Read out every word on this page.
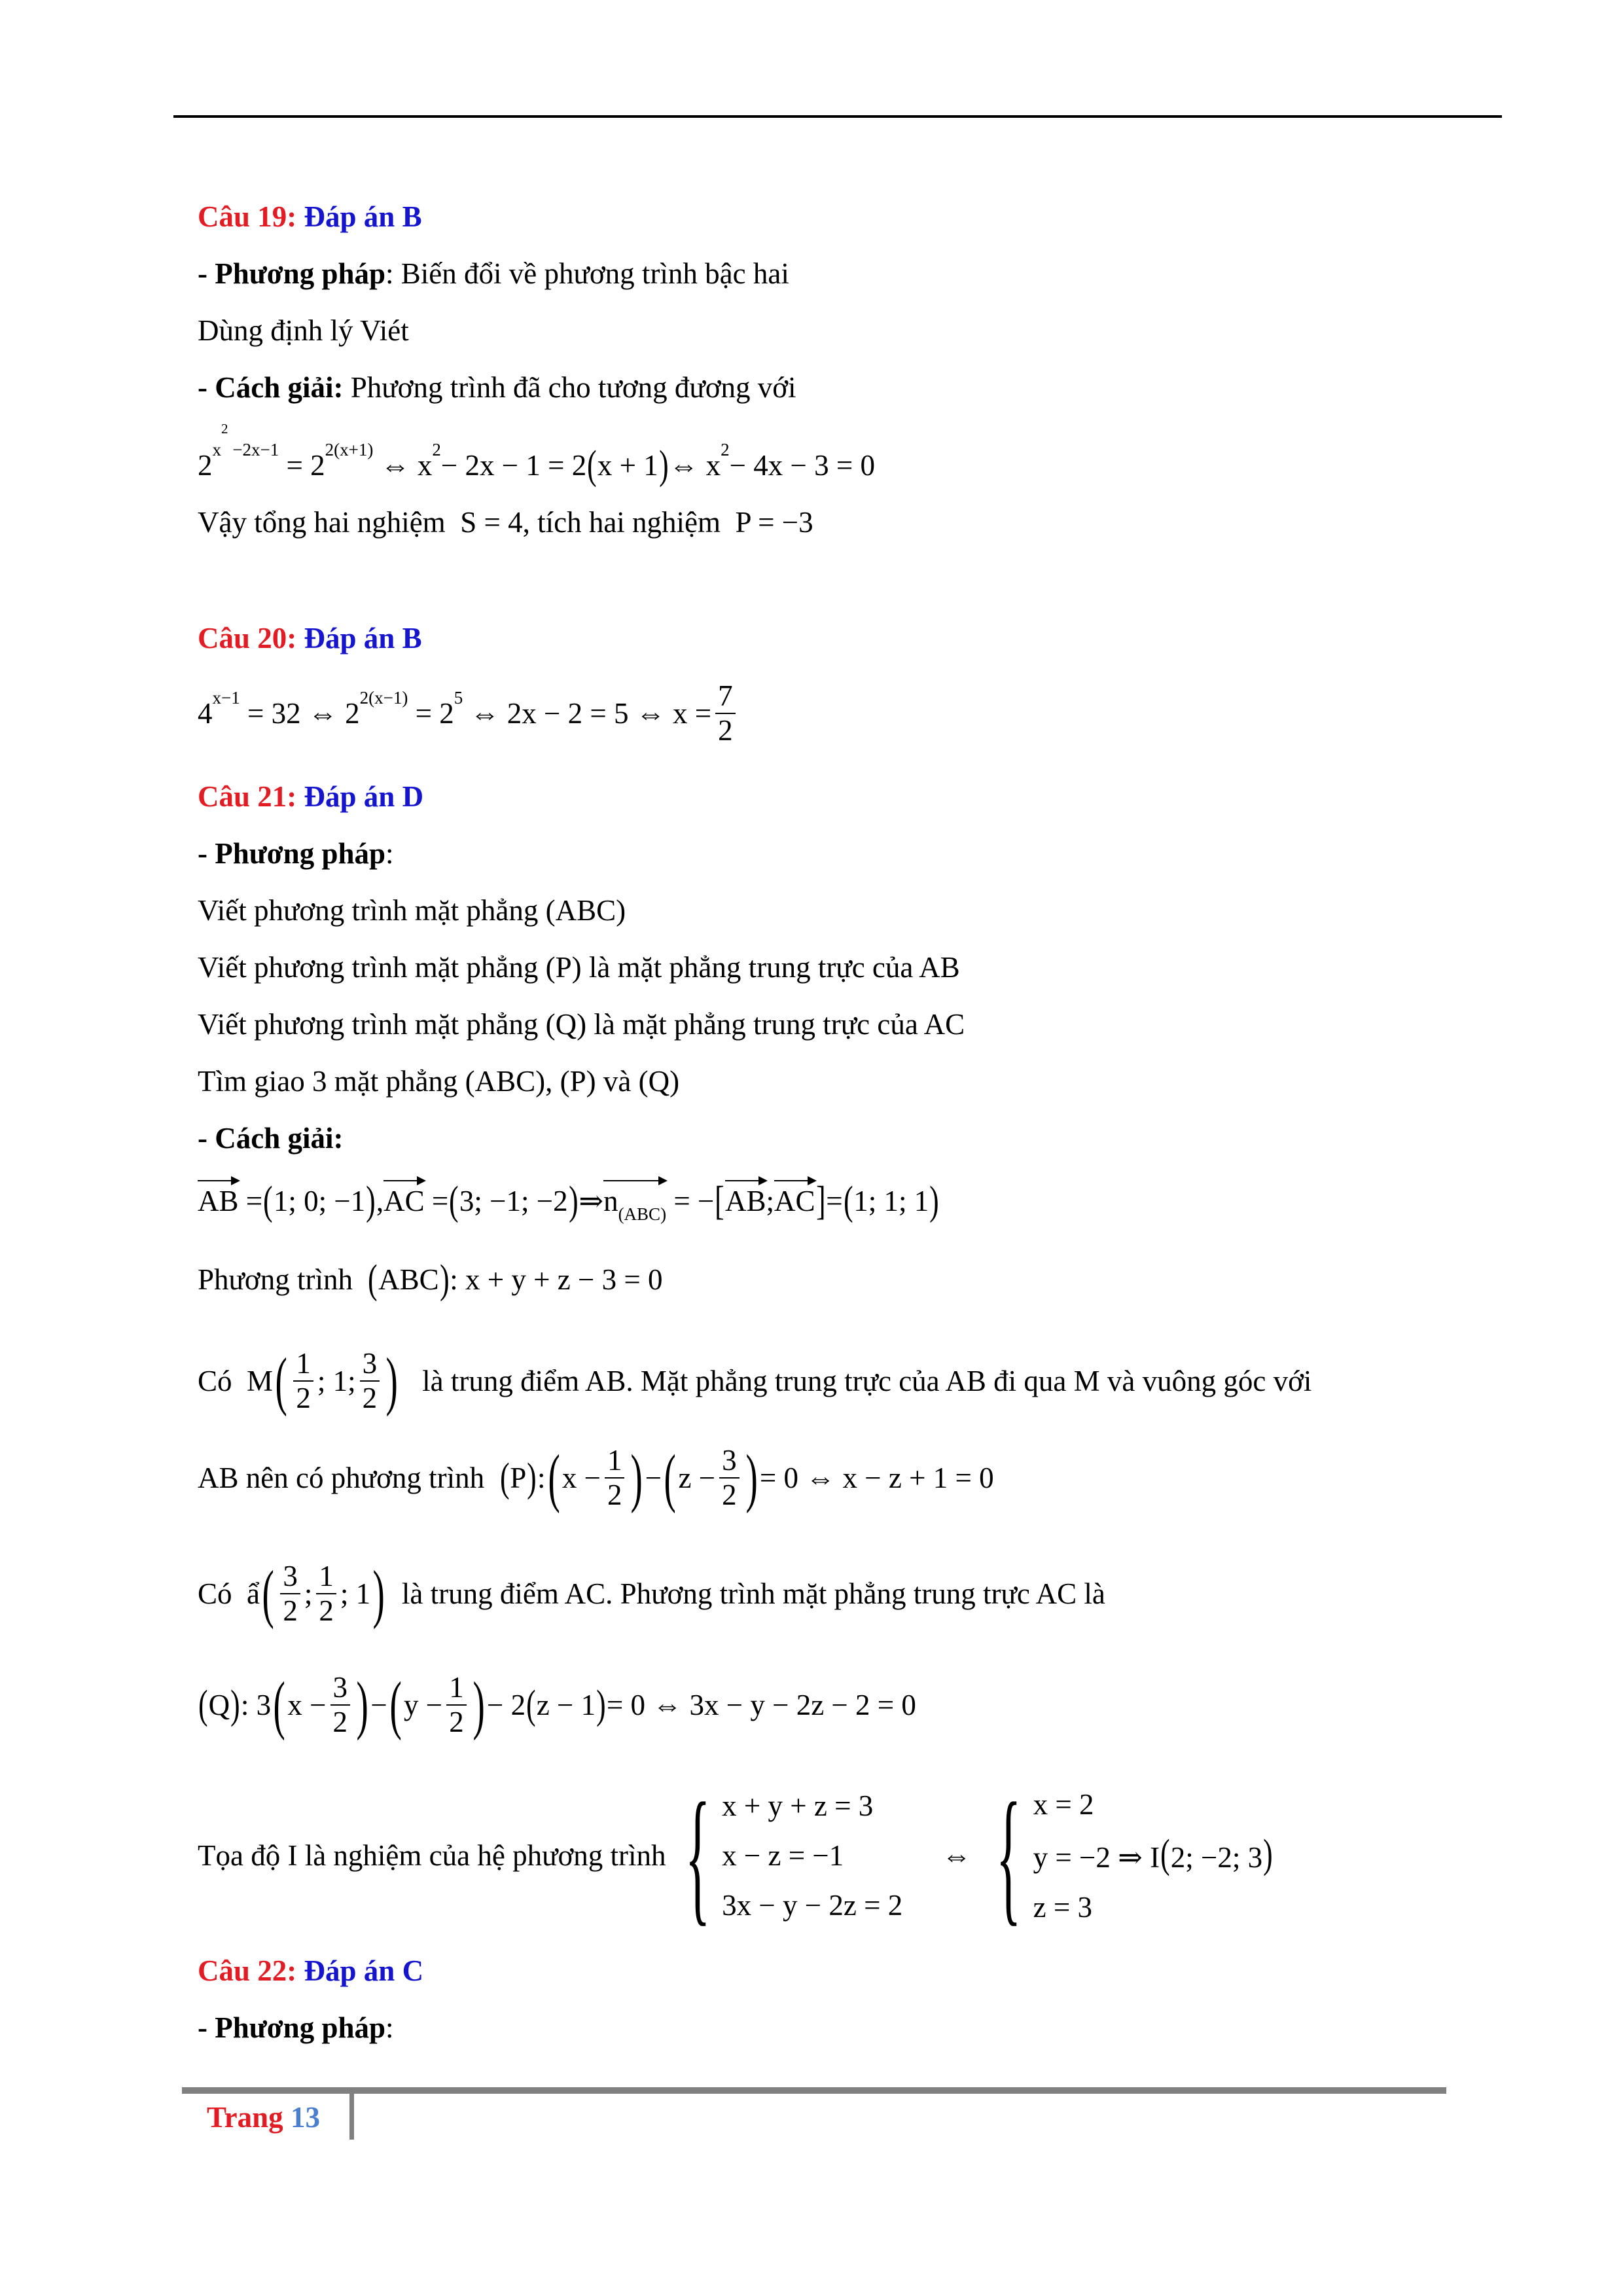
Câu 19: Đáp án B
- Phương pháp: Biến đổi về phương trình bậc hai
Dùng định lý Viét
- Cách giải: Phương trình đã cho tương đương với
2 $x^2 -2x-1 = 2$ 2(x+1) ⇔ x 2 − 2x − 1 = 2 ( x + 1 ) ⇔ x 2 − 4x − 3 = 0
Vậy tổng hai nghiệm S = 4, tích hai nghiệm P = −3
Câu 20: Đáp án B
4 x−1 = 32 ⇔ 2 2(x−1) = 2 5 ⇔ 2x − 2 = 5 ⇔ $x = \frac{7}{2}$
Câu 21: Đáp án D
- Phương pháp:
Viết phương trình mặt phẳng (ABC)
Viết phương trình mặt phẳng (P) là mặt phẳng trung trực của AB
Viết phương trình mặt phẳng (Q) là mặt phẳng trung trực của AC
Tìm giao 3 mặt phẳng (ABC), (P) và (Q)
- Cách giải:
AB = ( 1; 0; −1 ) , AC = ( 3; −1; −2 ) ⇒ $n_{(ABC)}$ = − [ AB ; AC ] = ( 1; 1; 1 )
Phương trình
( ABC ) : x + y + z − 3 = 0
Có
M ( $\frac{1}{2}$ ; 1; $\frac{3}{2}$ )
là trung điểm AB. Mặt phẳng trung trực của AB đi qua M và vuông góc với
AB nên có phương trình
( P ) : ( $x - \frac{1}{2}$ ) − ( $z - \frac{3}{2}$ ) = 0 ⇔ x − z + 1 = 0
Có
ẩ ( $\frac{3}{2}$ ; $\frac{1}{2}$ ; 1 )
là trung điểm AC. Phương trình mặt phẳng trung trực AC là
( Q ) : 3 ( $x - \frac{3}{2}$ ) − ( $y - \frac{1}{2}$ ) − 2 ( z − 1 ) = 0 ⇔ 3x − y − 2z − 2 = 0
Tọa độ I là nghiệm của hệ phương trình
{ x + y + z = 3
x − z = −1
3x − y − 2z = 2
⇔ { x = 2
y = −2 ⇒ I(2; −2; 3)
z = 3
Câu 22: Đáp án C
- Phương pháp:
Trang 13
